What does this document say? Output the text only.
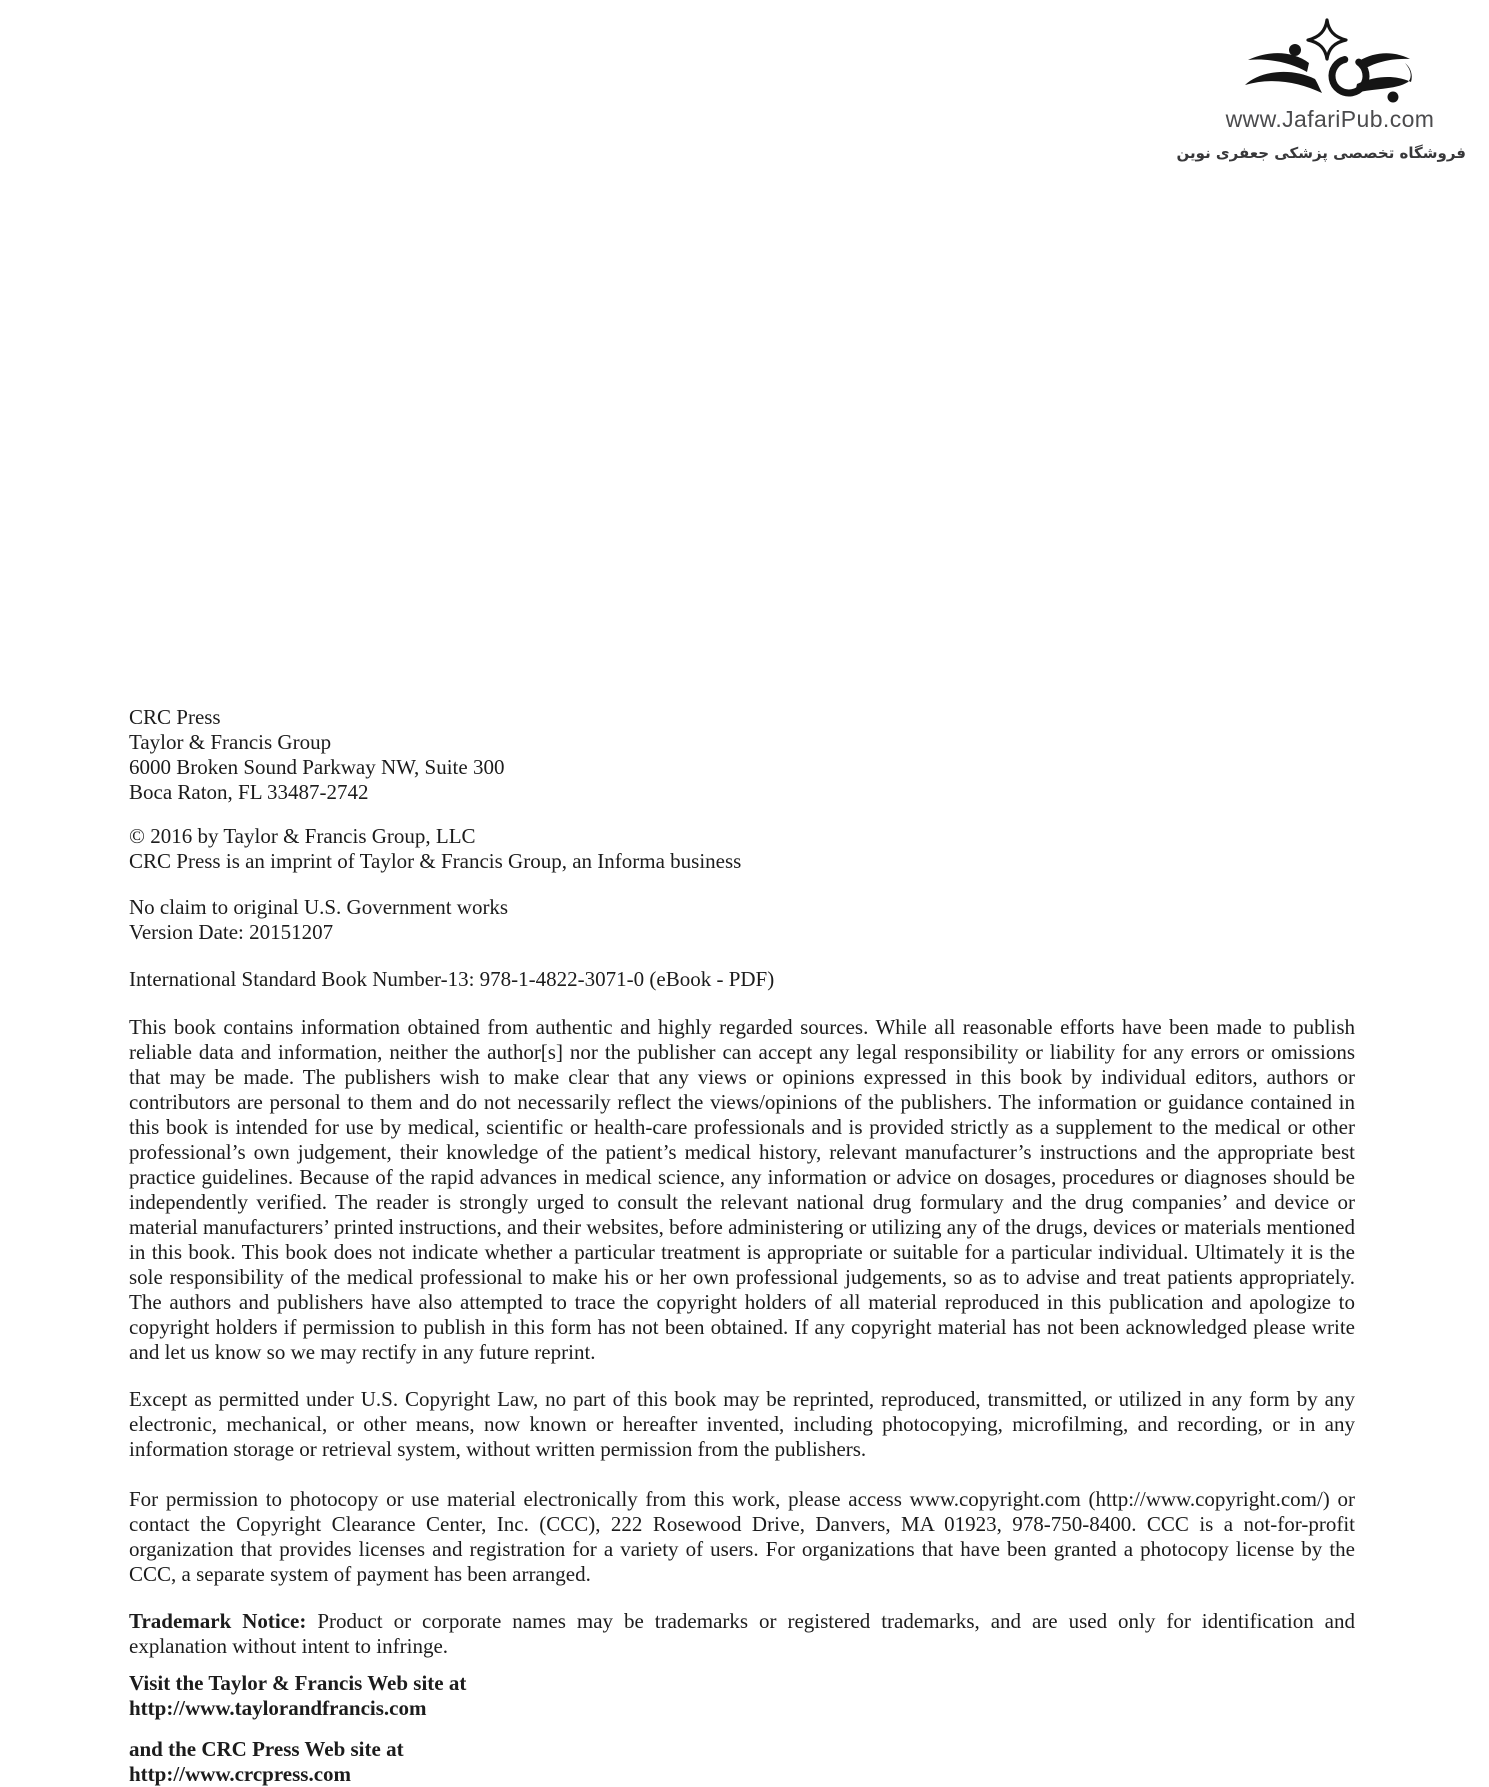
www.JafariPub.com
فروشگاه تخصصی پزشکی جعفری نوین
CRC Press
Taylor & Francis Group
6000 Broken Sound Parkway NW, Suite 300
Boca Raton, FL 33487-2742
© 2016 by Taylor & Francis Group, LLC
CRC Press is an imprint of Taylor & Francis Group, an Informa business
No claim to original U.S. Government works
Version Date: 20151207
International Standard Book Number-13: 978-1-4822-3071-0 (eBook - PDF)

This book contains information obtained from authentic and highly regarded sources. While all reasonable efforts have been made to publish reliable data and information, neither the author[s] nor the publisher can accept any legal responsibility or liability for any errors or omissions that may be made. The publishers wish to make clear that any views or opinions expressed in this book by individual editors, authors or contributors are personal to them and do not necessarily reflect the views/opinions of the publishers. The information or guidance contained in this book is intended for use by medical, scientific or health-care professionals and is provided strictly as a supplement to the medical or other professional’s own judgement, their knowledge of the patient’s medical history, relevant manufacturer’s instructions and the appropriate best practice guidelines. Because of the rapid advances in medical science, any information or advice on dosages, procedures or diagnoses should be independently verified. The reader is strongly urged to consult the relevant national drug formulary and the drug companies’ and device or material manufacturers’ printed instructions, and their websites, before administering or utilizing any of the drugs, devices or materials mentioned in this book. This book does not indicate whether a particular treatment is appropriate or suitable for a particular individual. Ultimately it is the sole responsibility of the medical professional to make his or her own professional judgements, so as to advise and treat patients appropriately. The authors and publishers have also attempted to trace the copyright holders of all material reproduced in this publication and apologize to copyright holders if permission to publish in this form has not been obtained. If any copyright material has not been acknowledged please write and let us know so we may rectify in any future reprint.

Except as permitted under U.S. Copyright Law, no part of this book may be reprinted, reproduced, transmitted, or utilized in any form by any electronic, mechanical, or other means, now known or hereafter invented, including photocopying, microfilming, and recording, or in any information storage or retrieval system, without written permission from the publishers.

For permission to photocopy or use material electronically from this work, please access www.copyright.com (http://www.copyright.com/) or contact the Copyright Clearance Center, Inc. (CCC), 222 Rosewood Drive, Danvers, MA 01923, 978-750-8400. CCC is a not-for-profit organization that provides licenses and registration for a variety of users. For organizations that have been granted a photocopy license by the CCC, a separate system of payment has been arranged.

Trademark Notice: Product or corporate names may be trademarks or registered trademarks, and are used only for identification and explanation without intent to infringe.

Visit the Taylor & Francis Web site at
http://www.taylorandfrancis.com
and the CRC Press Web site at
http://www.crcpress.com
